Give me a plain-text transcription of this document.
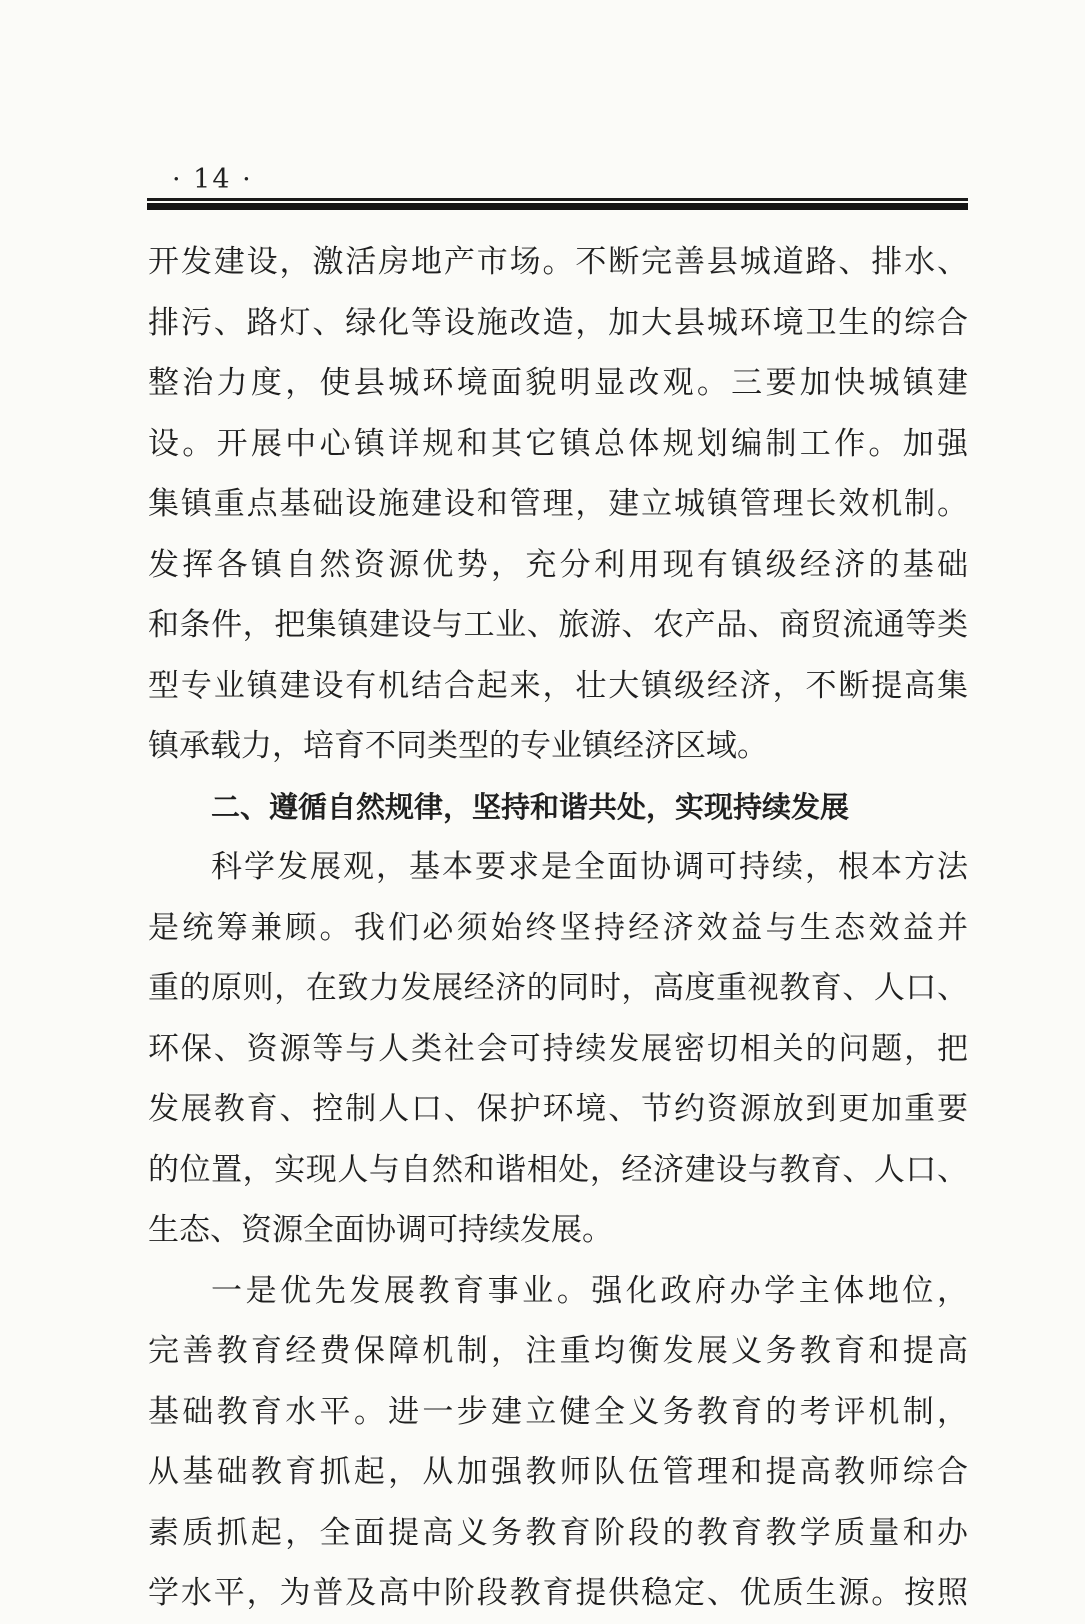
· 14 ·
开发建设，激活房地产市场。不断完善县城道路、排水、
排污、路灯、绿化等设施改造，加大县城环境卫生的综合
整治力度，使县城环境面貌明显改观。三要加快城镇建
设。开展中心镇详规和其它镇总体规划编制工作。加强
集镇重点基础设施建设和管理，建立城镇管理长效机制。
发挥各镇自然资源优势，充分利用现有镇级经济的基础
和条件，把集镇建设与工业、旅游、农产品、商贸流通等类
型专业镇建设有机结合起来，壮大镇级经济，不断提高集
镇承载力，培育不同类型的专业镇经济区域。
二、遵循自然规律，坚持和谐共处，实现持续发展
科学发展观，基本要求是全面协调可持续，根本方法
是统筹兼顾。我们必须始终坚持经济效益与生态效益并
重的原则，在致力发展经济的同时，高度重视教育、人口、
环保、资源等与人类社会可持续发展密切相关的问题，把
发展教育、控制人口、保护环境、节约资源放到更加重要
的位置，实现人与自然和谐相处，经济建设与教育、人口、
生态、资源全面协调可持续发展。
一是优先发展教育事业。强化政府办学主体地位，
完善教育经费保障机制，注重均衡发展义务教育和提高
基础教育水平。进一步建立健全义务教育的考评机制，
从基础教育抓起，从加强教师队伍管理和提高教师综合
素质抓起，全面提高义务教育阶段的教育教学质量和办
学水平，为普及高中阶段教育提供稳定、优质生源。按照
